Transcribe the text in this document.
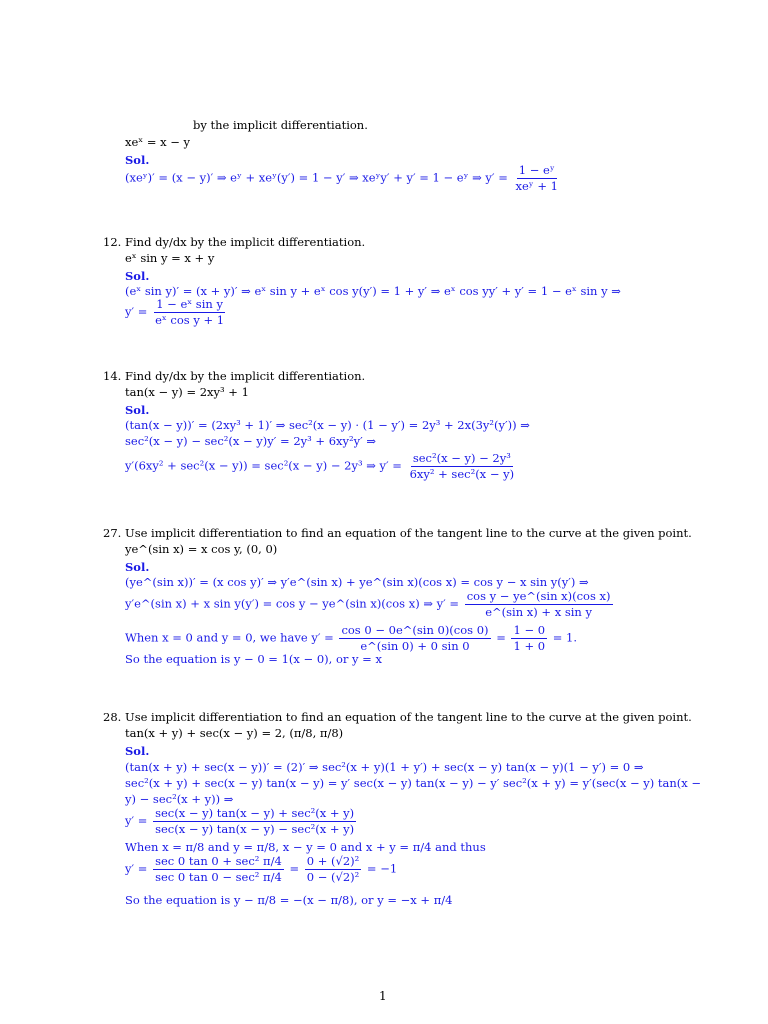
by the implicit differentiation.
xeˣ = x − y
Sol.
(xeʸ)′ = (x − y)′ ⇒ eʸ + xeʸ(y′) = 1 − y′ ⇒ xeʸy′ + y′ = 1 − eʸ ⇒ $y' = \frac{\text{1 − eʸ}}{\text{xeʸ + 1}}$
12. Find dy/dx by the implicit differentiation.
eˣ sin y = x + y
Sol.
(eˣ sin y)′ = (x + y)′ ⇒ eˣ sin y + eˣ cos y(y′) = 1 + y′ ⇒ eˣ cos yy′ + y′ = 1 − eˣ sin y ⇒
$y' = \frac{\text{1 − eˣ sin y}}{\text{eˣ cos y + 1}}$
14. Find dy/dx by the implicit differentiation.
tan(x − y) = 2xy³ + 1
Sol.
(tan(x − y))′ = (2xy³ + 1)′ ⇒ sec²(x − y) · (1 − y′) = 2y³ + 2x(3y²(y′)) ⇒
sec²(x − y) − sec²(x − y)y′ = 2y³ + 6xy²y′ ⇒
y′(6xy² + sec²(x − y)) = sec²(x − y) − 2y³ ⇒ $y' = \frac{\text{sec²(x − y) − 2y³}}{\text{6xy² + sec²(x − y)}}$
27. Use implicit differentiation to find an equation of the tangent line to the curve at the given point.
ye^(sin x) = x cos y, (0, 0)
Sol.
(ye^(sin x))′ = (x cos y)′ ⇒ y′e^(sin x) + ye^(sin x)(cos x) = cos y − x sin y(y′) ⇒
y′e^(sin x) + x sin y(y′) = cos y − ye^(sin x)(cos x) ⇒ $y' = \frac{\text{cos y − ye\textasciicircum{}(sin x)(cos x)}}{\text{e\textasciicircum{}(sin x) + x sin y}}$
When x = 0 and y = 0, we have $y' = \frac{\cos 0 - 0e\^{}(\sin 0)(\cos 0)}{e\^{}(\sin 0) + 0 \sin 0} = \frac{1 - 0}{1 + 0} = 1$.
So the equation is y − 0 = 1(x − 0), or y = x
28. Use implicit differentiation to find an equation of the tangent line to the curve at the given point.
tan(x + y) + sec(x − y) = 2, (π/8, π/8)
Sol.
(tan(x + y) + sec(x − y))′ = (2)′ ⇒ sec²(x + y)(1 + y′) + sec(x − y) tan(x − y)(1 − y′) = 0 ⇒
sec²(x + y) + sec(x − y) tan(x − y) = y′ sec(x − y) tan(x − y) − y′ sec²(x + y) = y′(sec(x − y) tan(x −
y) − sec²(x + y)) ⇒
$y' = \frac{\text{sec(x − y) tan(x − y) + sec²(x + y)}}{\text{sec(x − y) tan(x − y) − sec²(x + y)}}$
When x = π/8 and y = π/8, x − y = 0 and x + y = π/4 and thus
$y' = \frac{\text{sec 0 tan 0 + sec² π/4}}{\text{sec 0 tan 0 − sec² π/4}} = \frac{\text{0 + (√2)²}}{\text{0 − (√2)²}} = -1$
So the equation is y − π/8 = −(x − π/8), or y = −x + π/4
1
